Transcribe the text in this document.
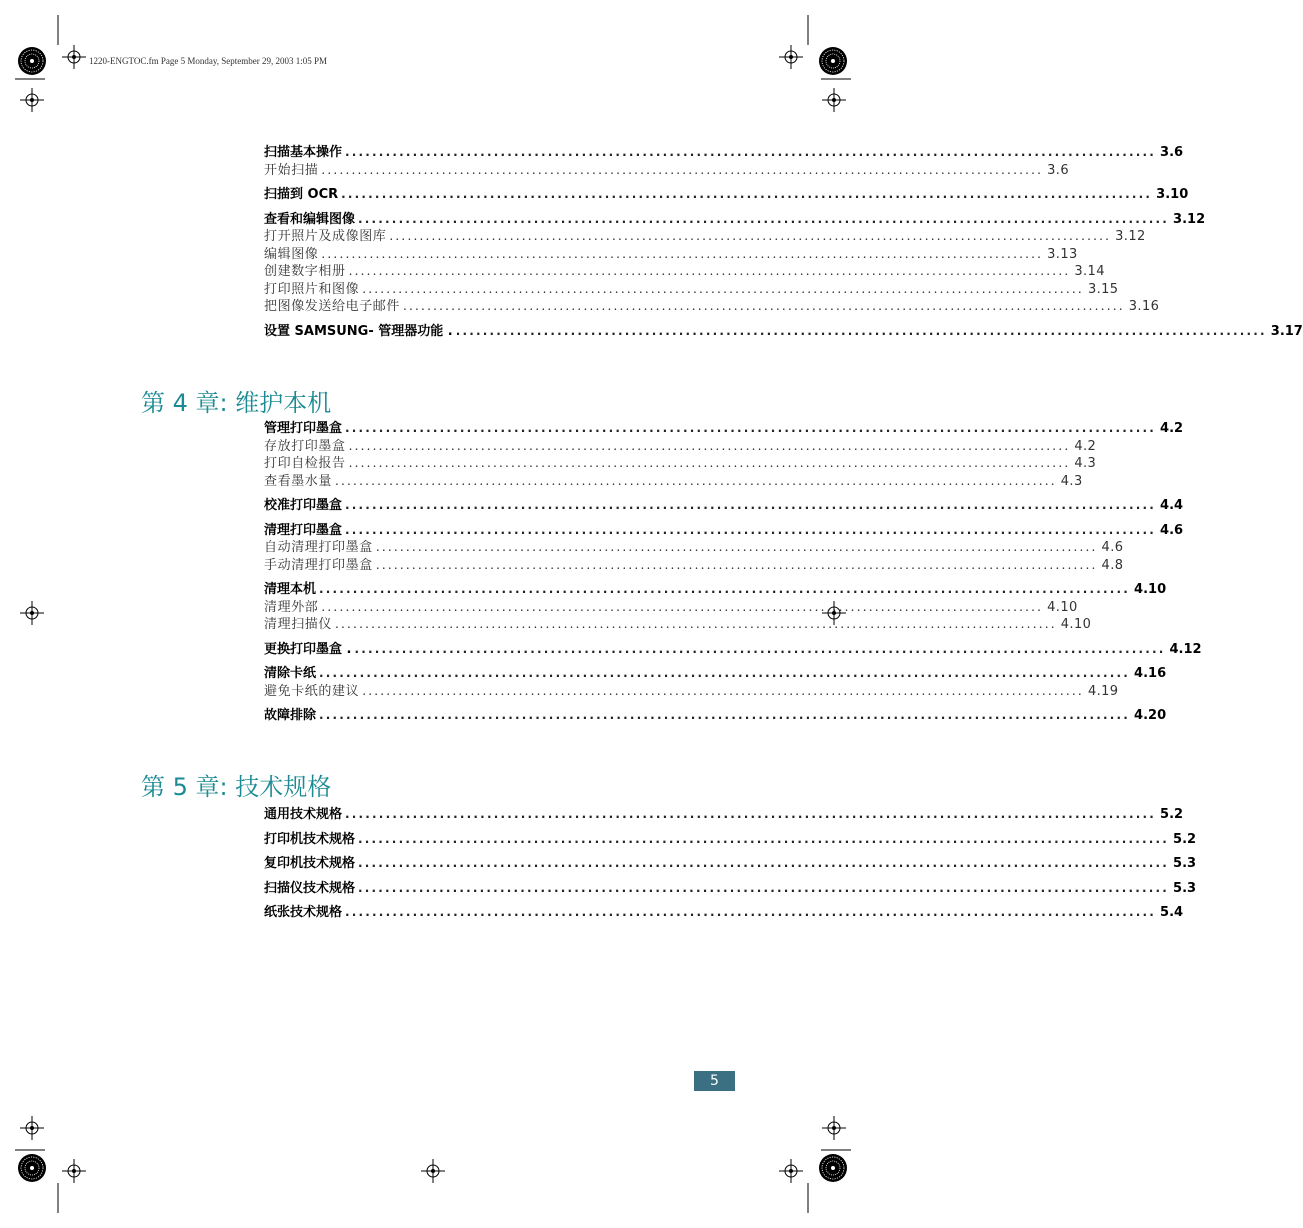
1220-ENGTOC.fm Page 5 Monday, September 29, 2003 1:05 PM
扫描基本操作 ........................................................................................................................ 3.6
开始扫描 ........................................................................................................................ 3.6
扫描到 OCR ........................................................................................................................ 3.10
查看和编辑图像 ........................................................................................................................ 3.12
打开照片及成像图库 ........................................................................................................................ 3.12
编辑图像 ........................................................................................................................ 3.13
创建数字相册 ........................................................................................................................ 3.14
打印照片和图像 ........................................................................................................................ 3.15
把图像发送给电子邮件 ........................................................................................................................ 3.16
设置 SAMSUNG- 管理器功能 . ........................................................................................................................ 3.17
第 4 章: 维护本机
管理打印墨盒 ........................................................................................................................ 4.2
存放打印墨盒 ........................................................................................................................ 4.2
打印自检报告 ........................................................................................................................ 4.3
查看墨水量 ........................................................................................................................ 4.3
校准打印墨盒 ........................................................................................................................ 4.4
清理打印墨盒 ........................................................................................................................ 4.6
自动清理打印墨盒 ........................................................................................................................ 4.6
手动清理打印墨盒 ........................................................................................................................ 4.8
清理本机 ........................................................................................................................ 4.10
清理外部 ........................................................................................................................ 4.10
清理扫描仪 ........................................................................................................................ 4.10
更换打印墨盒 . ........................................................................................................................ 4.12
清除卡纸 ........................................................................................................................ 4.16
避免卡纸的建议 ........................................................................................................................ 4.19
故障排除 ........................................................................................................................ 4.20
第 5 章: 技术规格
通用技术规格 ........................................................................................................................ 5.2
打印机技术规格 ........................................................................................................................ 5.2
复印机技术规格 ........................................................................................................................ 5.3
扫描仪技术规格 ........................................................................................................................ 5.3
纸张技术规格 ........................................................................................................................ 5.4
5
